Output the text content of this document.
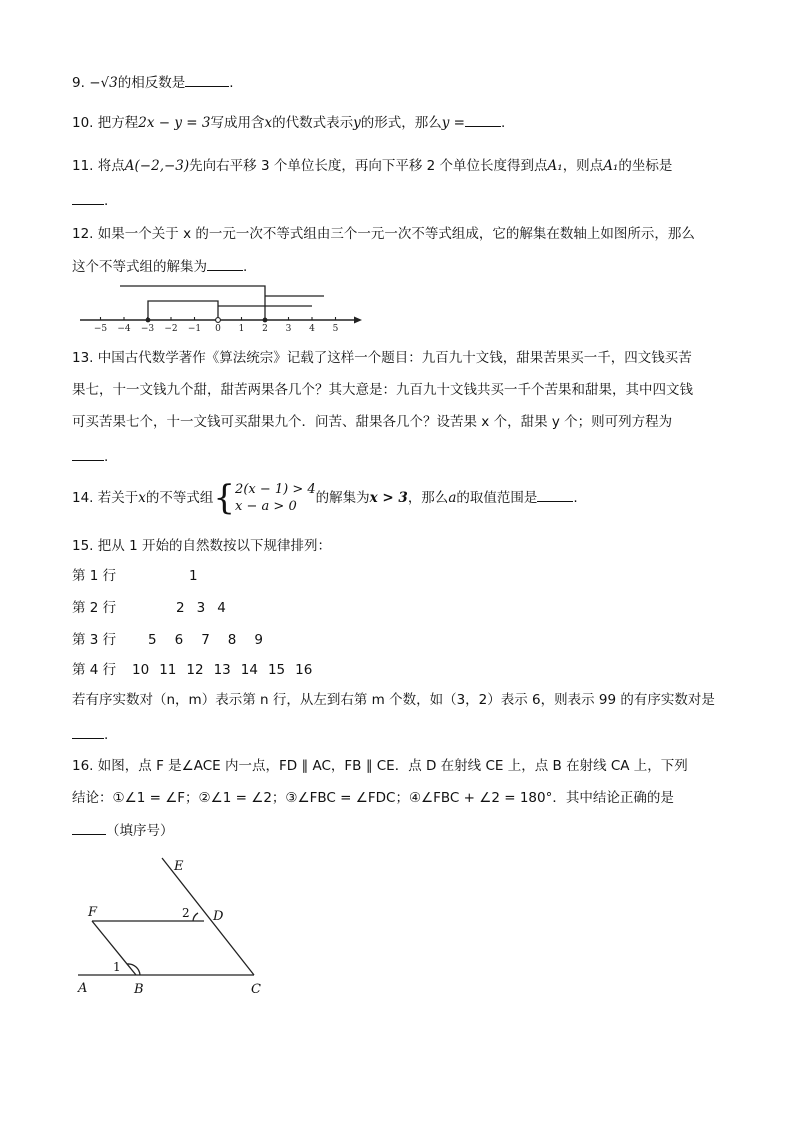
9. −√3的相反数是	.
10. 把方程2x − y = 3写成用含x的代数式表示y的形式，那么y =	.
11. 将点A(−2,−3)先向右平移 3 个单位长度，再向下平移 2 个单位长度得到点A₁，则点A₁的坐标是
.
12. 如果一个关于 x 的一元一次不等式组由三个一元一次不等式组成，它的解集在数轴上如图所示，那么
这个不等式组的解集为	.
−5 −4 −3 −2 −1 0 1 2 3 4 5
13. 中国古代数学著作《算法统宗》记载了这样一个题目：九百九十文钱，甜果苦果买一千，四文钱买苦
果七，十一文钱九个甜，甜苦两果各几个？其大意是：九百九十文钱共买一千个苦果和甜果，其中四文钱
可买苦果七个，十一文钱可买甜果九个．问苦、甜果各几个？设苦果 x 个，甜果 y 个；则可列方程为
.
14. 若关于x的不等式组{2(x − 1) > 4
x − a > 0的解集为x > 3，那么a的取值范围是	.
15. 把从 1 开始的自然数按以下规律排列：
第 1 行	1
第 2 行	2 3 4
第 3 行 5 6 7 8 9
第 4 行 10 11 12 13 14 15 16
若有序实数对（n，m）表示第 n 行，从左到右第 m 个数，如（3，2）表示 6，则表示 99 的有序实数对是
.
16. 如图，点 F 是∠ACE 内一点，FD ∥ AC，FB ∥ CE．点 D 在射线 CE 上，点 B 在射线 CA 上，下列
结论：①∠1 = ∠F；②∠1 = ∠2；③∠FBC = ∠FDC；④∠FBC + ∠2 = 180°．其中结论正确的是
（填序号）
E
F	D
A	B	C
1
2
